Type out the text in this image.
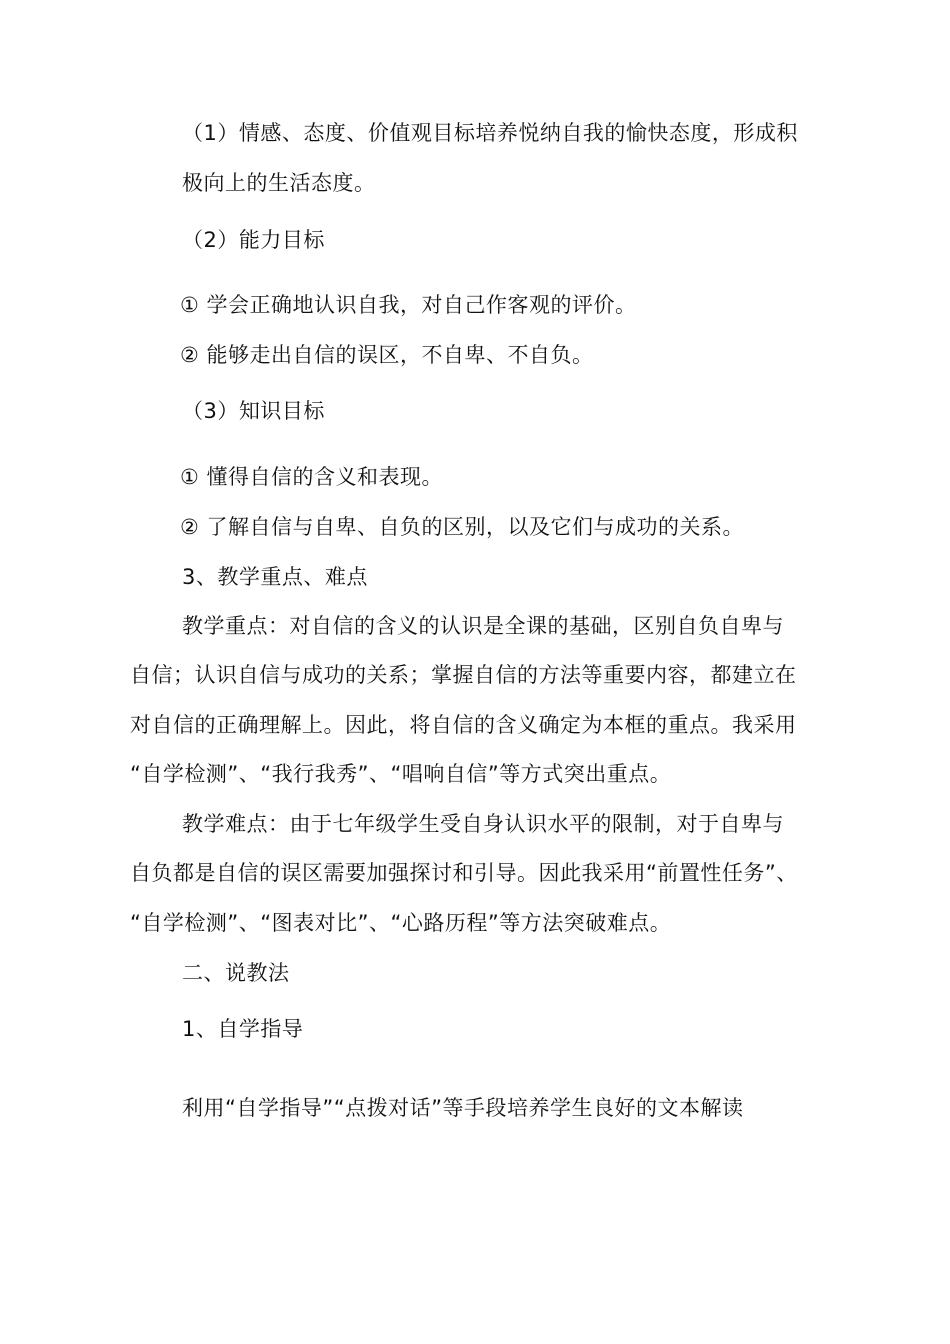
（1）情感、态度、价值观目标培养悦纳自我的愉快态度，形成积

极向上的生活态度。

（2）能力目标

① 学会正确地认识自我，对自己作客观的评价。

② 能够走出自信的误区，不自卑、不自负。

（3）知识目标

① 懂得自信的含义和表现。

② 了解自信与自卑、自负的区别，以及它们与成功的关系。

3、教学重点、难点

教学重点：对自信的含义的认识是全课的基础，区别自负自卑与

自信；认识自信与成功的关系；掌握自信的方法等重要内容，都建立在

对自信的正确理解上。因此，将自信的含义确定为本框的重点。我采用

“自学检测”、“我行我秀”、“唱响自信”等方式突出重点。

教学难点：由于七年级学生受自身认识水平的限制，对于自卑与

自负都是自信的误区需要加强探讨和引导。因此我采用“前置性任务”、

“自学检测”、“图表对比”、“心路历程”等方法突破难点。

二、说教法

1、自学指导

利用“自学指导”“点拨对话”等手段培养学生良好的文本解读
